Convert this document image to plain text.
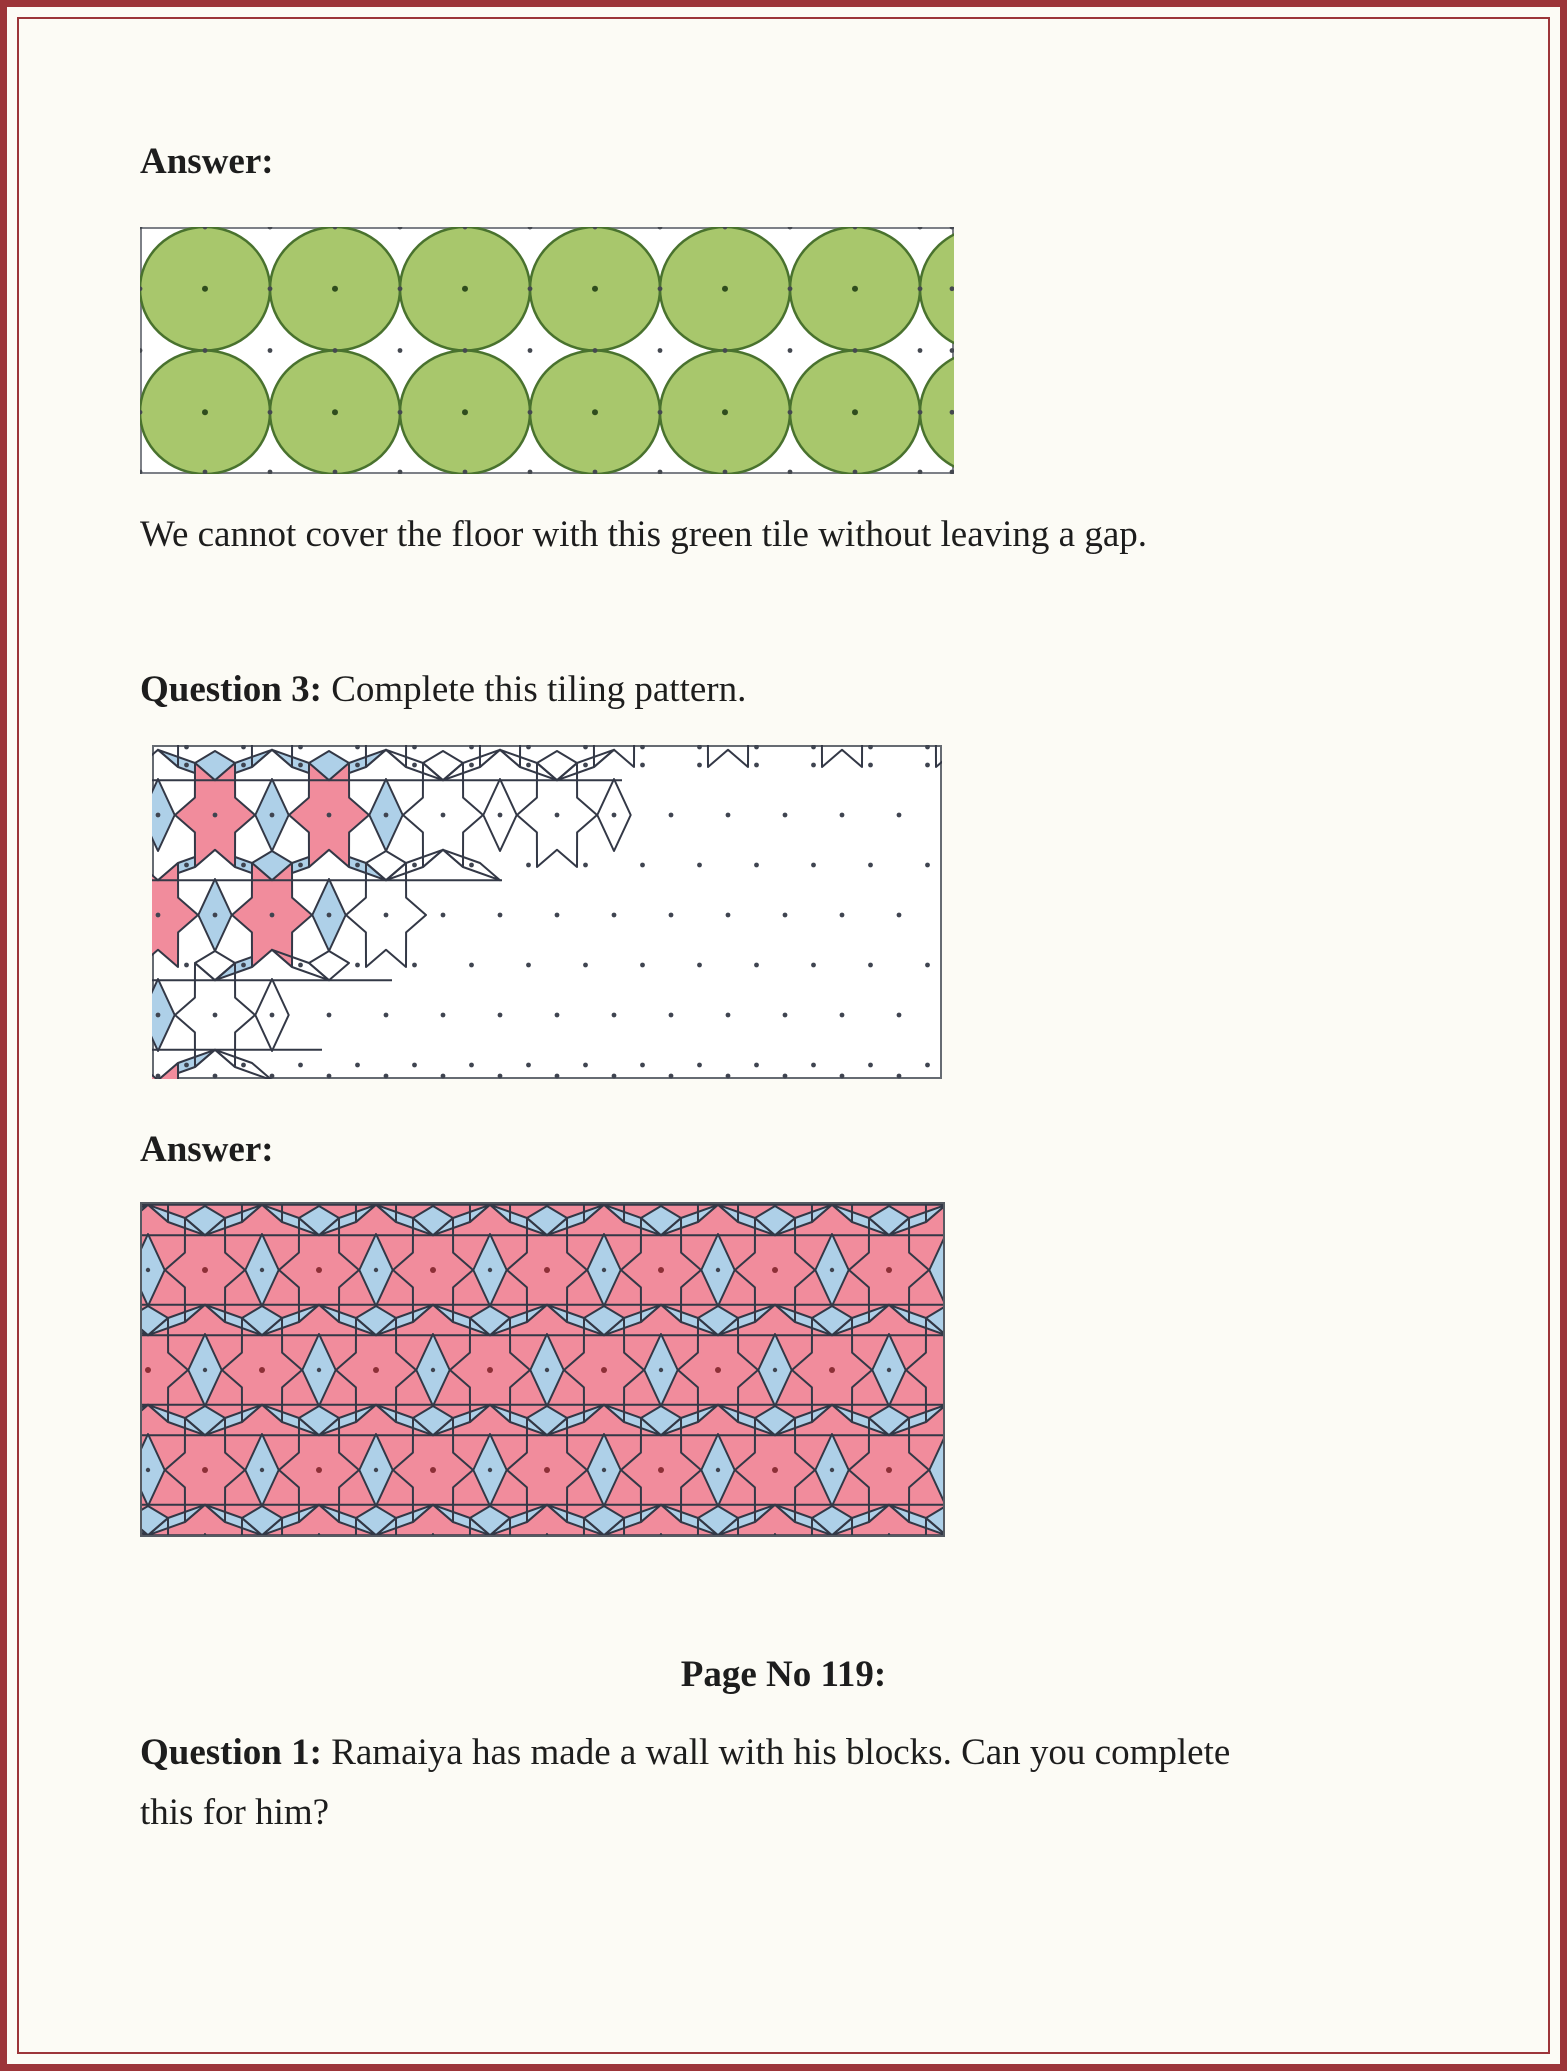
Answer:
We cannot cover the floor with this green tile without leaving a gap.
Question 3: Complete this tiling pattern.
Answer:
Page No 119:
Question 1: Ramaiya has made a wall with his blocks. Can you complete
this for him?
